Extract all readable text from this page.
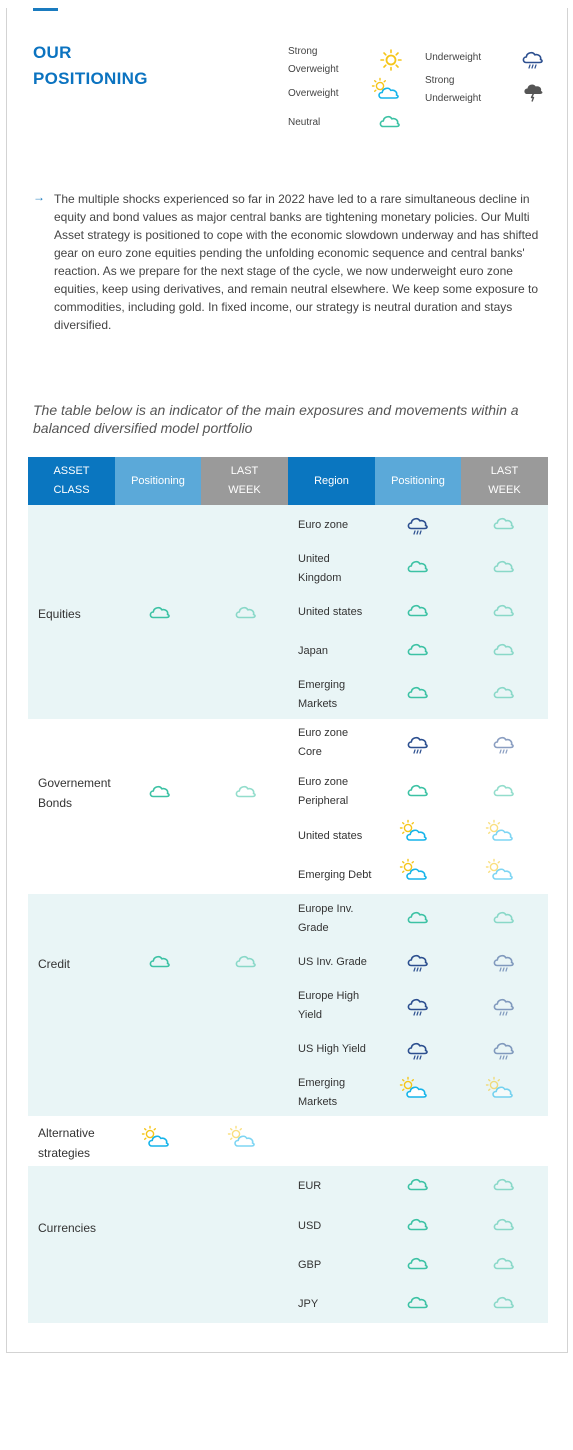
OUR
POSITIONING
Strong
Overweight
Overweight
Neutral
Underweight
Strong
Underweight
→ The multiple shocks experienced so far in 2022 have led to a rare simultaneous decline in equity and bond values as major central banks are tightening monetary policies. Our Multi Asset strategy is positioned to cope with the economic slowdown underway and has shifted gear on euro zone equities pending the unfolding economic sequence and central banks' reaction. As we prepare for the next stage of the cycle, we now underweight euro zone equities, keep using derivatives, and remain neutral elsewhere. We keep some exposure to commodities, including gold. In fixed income, our strategy is neutral duration and stays diversified.

The table below is an indicator of the main exposures and movements within a balanced diversified model portfolio
ASSET
CLASS
Positioning
LAST
WEEK
Region	Positioning
LAST
WEEK
Equities
Governement
Bonds
Credit
Alternative
strategies
Currencies
Euro zone
United
Kingdom
United states
Japan
Emerging
Markets
Euro zone
Core
Euro zone
Peripheral
United states
Emerging Debt
Europe Inv.
Grade
US Inv. Grade
Europe High
Yield
US High Yield
Emerging
Markets
EUR
USD
GBP
JPY
